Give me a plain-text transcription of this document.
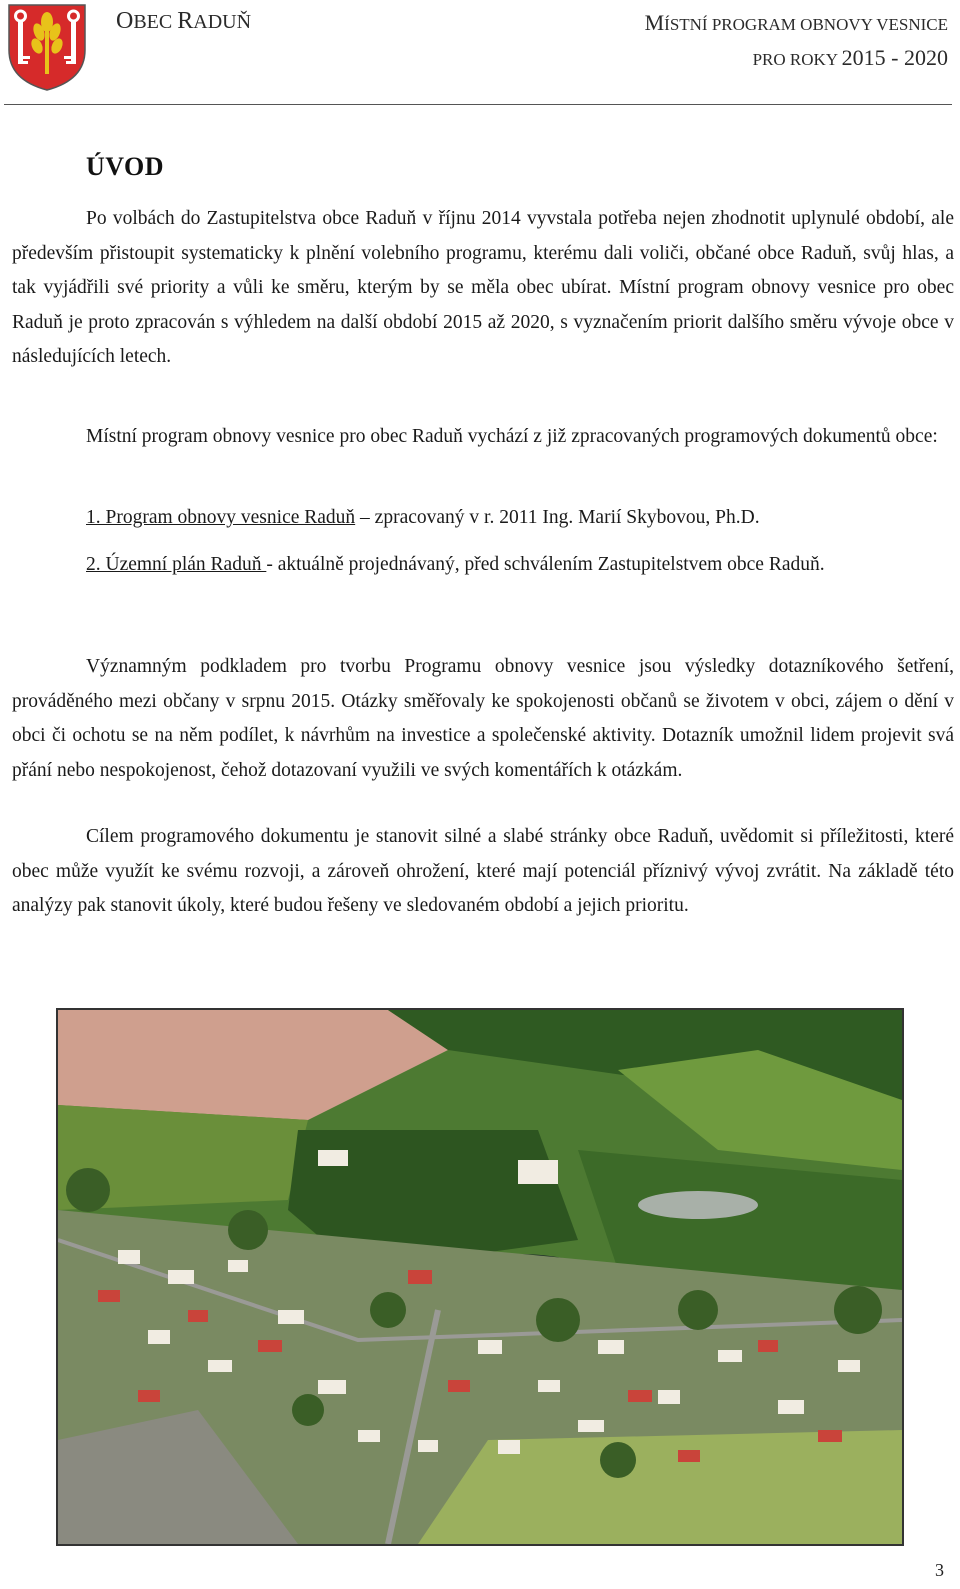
OBEC RADUŇ	MÍSTNÍ PROGRAM OBNOVY VESNICE
PRO ROKY 2015 - 2020
ÚVOD

Po volbách do Zastupitelstva obce Raduň v říjnu 2014 vyvstala potřeba nejen zhodnotit uplynulé období, ale především přistoupit systematicky k plnění volebního programu, kterému dali voliči, občané obce Raduň, svůj hlas, a tak vyjádřili své priority a vůli ke směru, kterým by se měla obec ubírat. Místní program obnovy vesnice pro obec Raduň je proto zpracován s výhledem na další období 2015 až 2020, s vyznačením priorit dalšího směru vývoje obce v následujících letech.

Místní program obnovy vesnice pro obec Raduň vychází z již zpracovaných programových dokumentů obce:

1. Program obnovy vesnice Raduň – zpracovaný v r. 2011 Ing. Marií Skybovou, Ph.D.

2. Územní plán Raduň - aktuálně projednávaný, před schválením Zastupitelstvem obce Raduň.

Významným podkladem pro tvorbu Programu obnovy vesnice jsou výsledky dotazníkového šetření, prováděného mezi občany v srpnu 2015. Otázky směřovaly ke spokojenosti občanů se životem v obci, zájem o dění v obci či ochotu se na něm podílet, k návrhům na investice a společenské aktivity. Dotazník umožnil lidem projevit svá přání nebo nespokojenost, čehož dotazovaní využili ve svých komentářích k otázkám.

Cílem programového dokumentu je stanovit silné a slabé stránky obce Raduň, uvědomit si příležitosti, které obec může využít ke svému rozvoji, a zároveň ohrožení, které mají potenciál příznivý vývoj zvrátit. Na základě této analýzy pak stanovit úkoly, které budou řešeny ve sledovaném období a jejich prioritu.

3
